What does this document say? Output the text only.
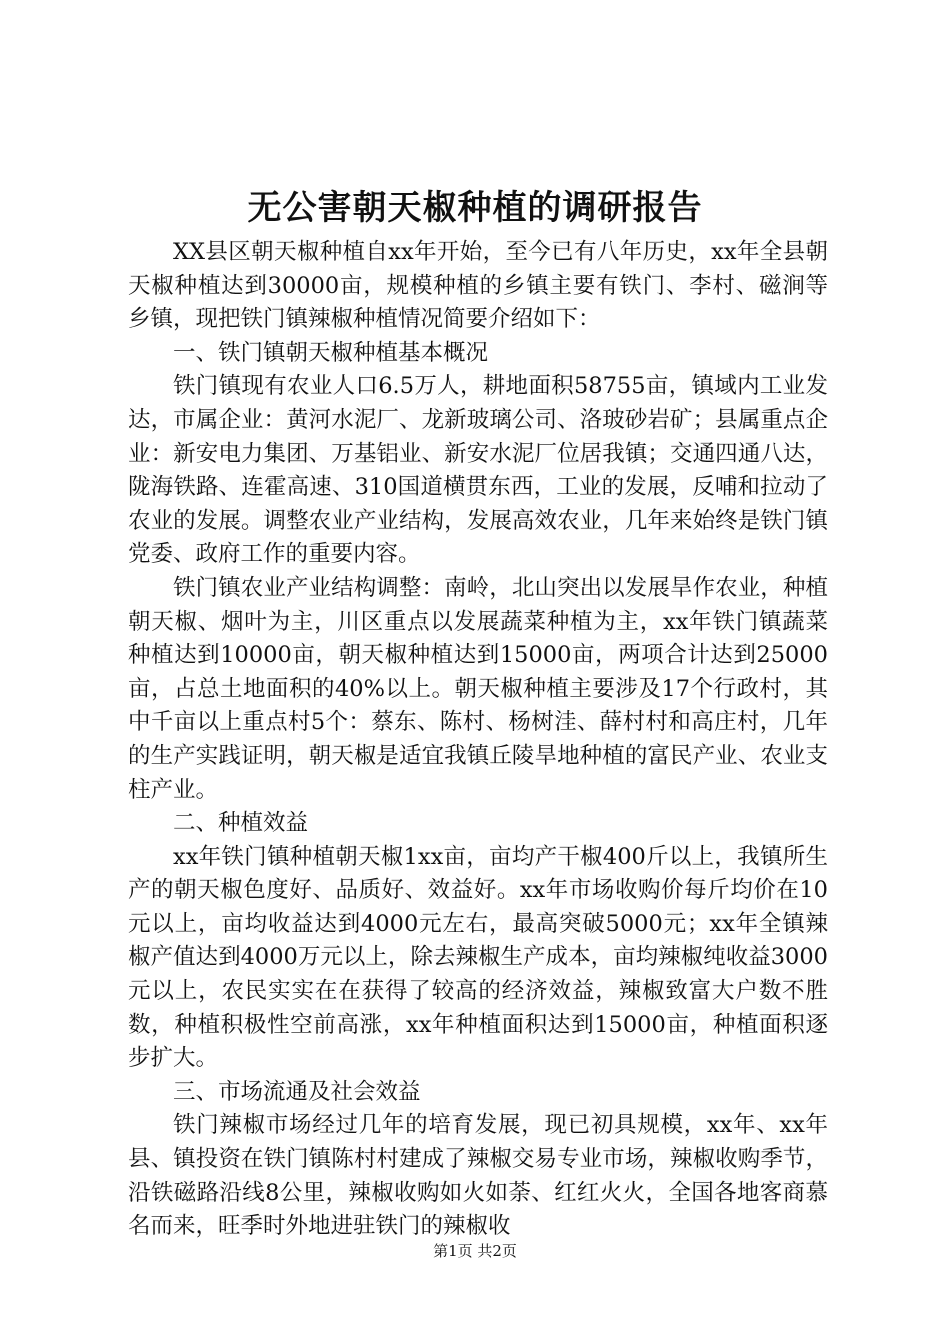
无公害朝天椒种植的调研报告

XX县区朝天椒种植自xx年开始，至今已有八年历史，xx年全县朝天椒种植达到30000亩，规模种植的乡镇主要有铁门、李村、磁涧等乡镇，现把铁门镇辣椒种植情况简要介绍如下：

一、铁门镇朝天椒种植基本概况

铁门镇现有农业人口6.5万人，耕地面积58755亩，镇域内工业发达，市属企业：黄河水泥厂、龙新玻璃公司、洛玻砂岩矿；县属重点企业：新安电力集团、万基铝业、新安水泥厂位居我镇；交通四通八达，陇海铁路、连霍高速、310国道横贯东西，工业的发展，反哺和拉动了农业的发展。调整农业产业结构，发展高效农业，几年来始终是铁门镇党委、政府工作的重要内容。

铁门镇农业产业结构调整：南岭，北山突出以发展旱作农业，种植朝天椒、烟叶为主，川区重点以发展蔬菜种植为主，xx年铁门镇蔬菜种植达到10000亩，朝天椒种植达到15000亩，两项合计达到25000亩，占总土地面积的40%以上。朝天椒种植主要涉及17个行政村，其中千亩以上重点村5个：蔡东、陈村、杨树洼、薛村村和高庄村，几年的生产实践证明，朝天椒是适宜我镇丘陵旱地种植的富民产业、农业支柱产业。

二、种植效益

xx年铁门镇种植朝天椒1xx亩，亩均产干椒400斤以上，我镇所生产的朝天椒色度好、品质好、效益好。xx年市场收购价每斤均价在10元以上，亩均收益达到4000元左右，最高突破5000元；xx年全镇辣椒产值达到4000万元以上，除去辣椒生产成本，亩均辣椒纯收益3000元以上，农民实实在在获得了较高的经济效益，辣椒致富大户数不胜数，种植积极性空前高涨，xx年种植面积达到15000亩，种植面积逐步扩大。

三、市场流通及社会效益

铁门辣椒市场经过几年的培育发展，现已初具规模，xx年、xx年县、镇投资在铁门镇陈村村建成了辣椒交易专业市场，辣椒收购季节，沿铁磁路沿线8公里，辣椒收购如火如荼、红红火火，全国各地客商慕名而来，旺季时外地进驻铁门的辣椒收

第1页 共2页
